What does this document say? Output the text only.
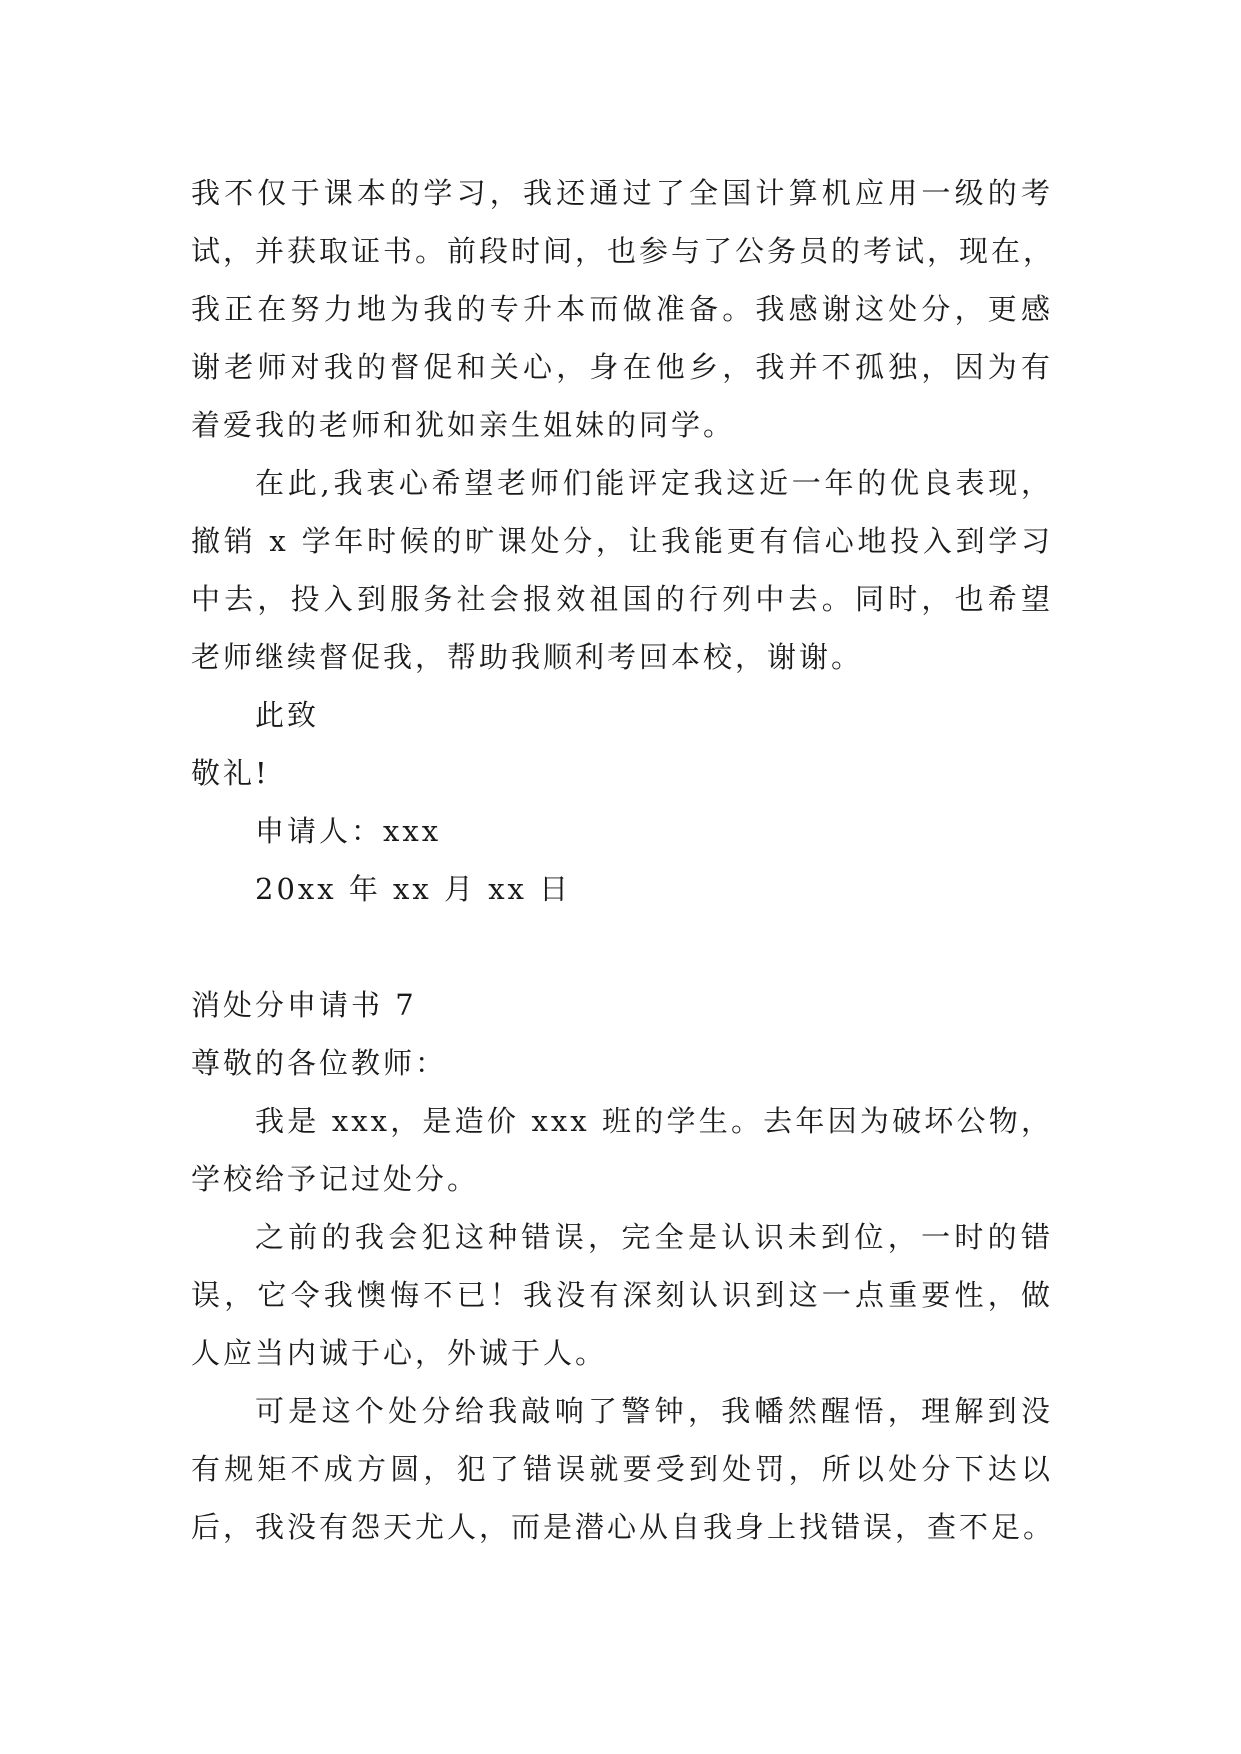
我不仅于课本的学习，我还通过了全国计算机应用一级的考

试，并获取证书。前段时间，也参与了公务员的考试，现在，

我正在努力地为我的专升本而做准备。我感谢这处分，更感

谢老师对我的督促和关心，身在他乡，我并不孤独，因为有

着爱我的老师和犹如亲生姐妹的同学。

在此,我衷心希望老师们能评定我这近一年的优良表现，

撤销 x 学年时候的旷课处分，让我能更有信心地投入到学习

中去，投入到服务社会报效祖国的行列中去。同时，也希望

老师继续督促我，帮助我顺利考回本校，谢谢。

此致

敬礼!

申请人：xxx

20xx 年 xx 月 xx 日

消处分申请书 7

尊敬的各位教师：

我是 xxx，是造价 xxx 班的学生。去年因为破坏公物，

学校给予记过处分。

之前的我会犯这种错误，完全是认识未到位，一时的错

误，它令我懊悔不已！我没有深刻认识到这一点重要性，做

人应当内诚于心，外诚于人。

可是这个处分给我敲响了警钟，我幡然醒悟，理解到没

有规矩不成方圆，犯了错误就要受到处罚，所以处分下达以

后，我没有怨天尤人，而是潜心从自我身上找错误，查不足。
